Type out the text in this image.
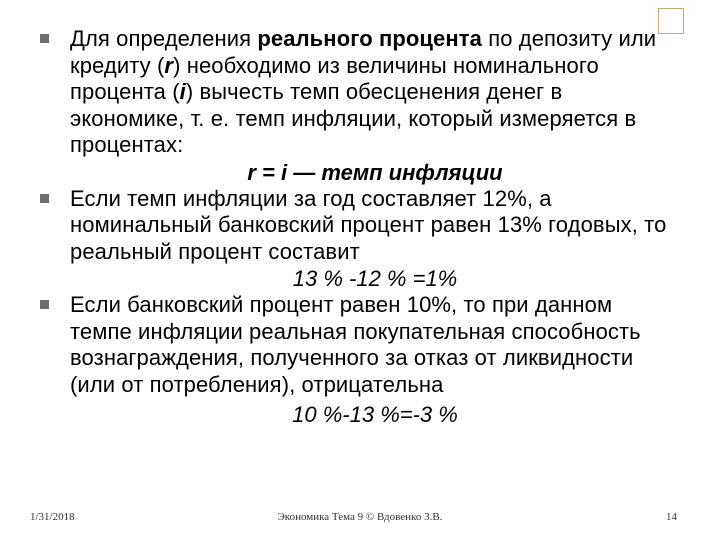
Для определения реального процента по депозиту или кредиту (r) необходимо из величины номинального процента (i) вычесть темп обесценения денег в экономике, т. е. темп инфляции, который измеряется в процентах:
r = i — темп инфляции
Если темп инфляции за год составляет 12%, а номинальный банковский процент равен 13% годовых, то реальный процент составит
13 % -12 % =1%
Если банковский процент равен 10%, то при данном темпе инфляции реальная покупательная способность вознаграждения, полученного за отказ от ликвидности (или от потребления), отрицательна
10 %-13 %=-3 %
1/31/2018	Экономика Тема 9 © Вдовенко З.В.	14
